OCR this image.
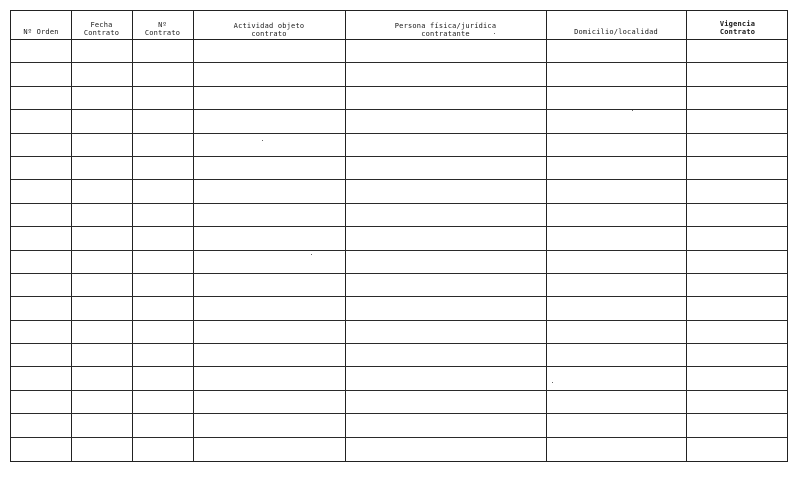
Nº Orden
Fecha
Contrato
Nº
Contrato
Actividad objeto
contrato
Persona física/jurídica
contratante	Domicilio/localidad
Vigencia
Contrato
